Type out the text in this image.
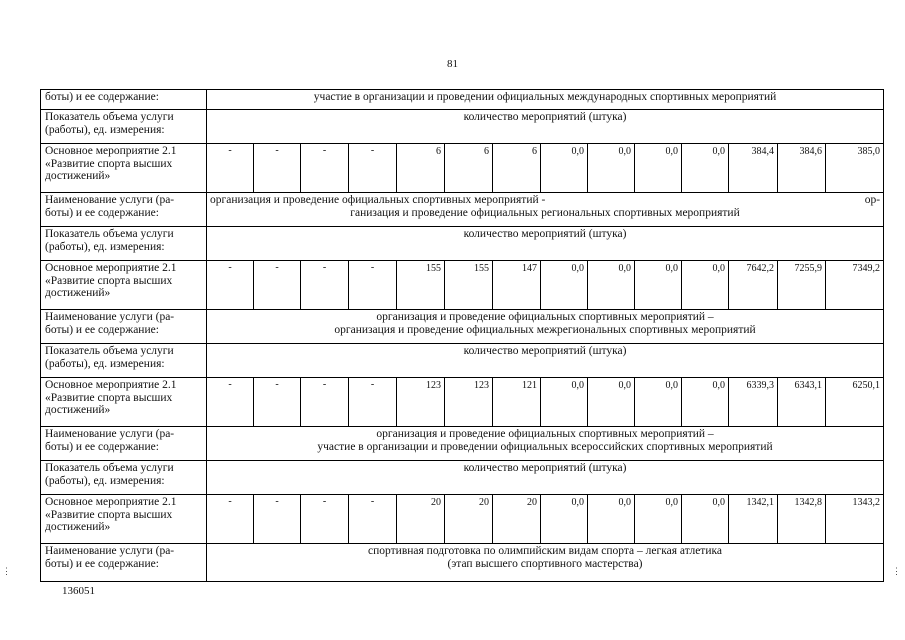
81
⋮	⋮
боты) и ее содержание:	участие в организации и проведении официальных международных спортивных мероприятий													

Показатель объема услуги (работы), ед. измерения:	количество мероприятий (штука)													

Основное мероприятие 2.1 «Развитие спорта высших достижений»	-	-	-	-	6	6	6	0,0	0,0	0,0	0,0	384,4	384,6	385,0
Наименование услуги (ра-боты) и ее содержание:	организация и проведение официальных спортивных мероприятий - ор-
ганизация и проведение официальных региональных спортивных мероприятий													

Показатель объема услуги (работы), ед. измерения:	количество мероприятий (штука)													

Основное мероприятие 2.1 «Развитие спорта высших достижений»	-	-	-	-	155	155	147	0,0	0,0	0,0	0,0	7642,2	7255,9	7349,2
Наименование услуги (ра-боты) и ее содержание:	организация и проведение официальных спортивных мероприятий –
организация и проведение официальных межрегиональных спортивных мероприятий													

Показатель объема услуги (работы), ед. измерения:	количество мероприятий (штука)													

Основное мероприятие 2.1 «Развитие спорта высших достижений»	-	-	-	-	123	123	121	0,0	0,0	0,0	0,0	6339,3	6343,1	6250,1
Наименование услуги (ра-боты) и ее содержание:	организация и проведение официальных спортивных мероприятий –
участие в организации и проведении официальных всероссийских спортивных мероприятий													

Показатель объема услуги (работы), ед. измерения:	количество мероприятий (штука)													

Основное мероприятие 2.1 «Развитие спорта высших достижений»	-	-	-	-	20	20	20	0,0	0,0	0,0	0,0	1342,1	1342,8	1343,2
Наименование услуги (ра-боты) и ее содержание:	спортивная подготовка по олимпийским видам спорта – легкая атлетика
(этап высшего спортивного мастерства)													
136051
